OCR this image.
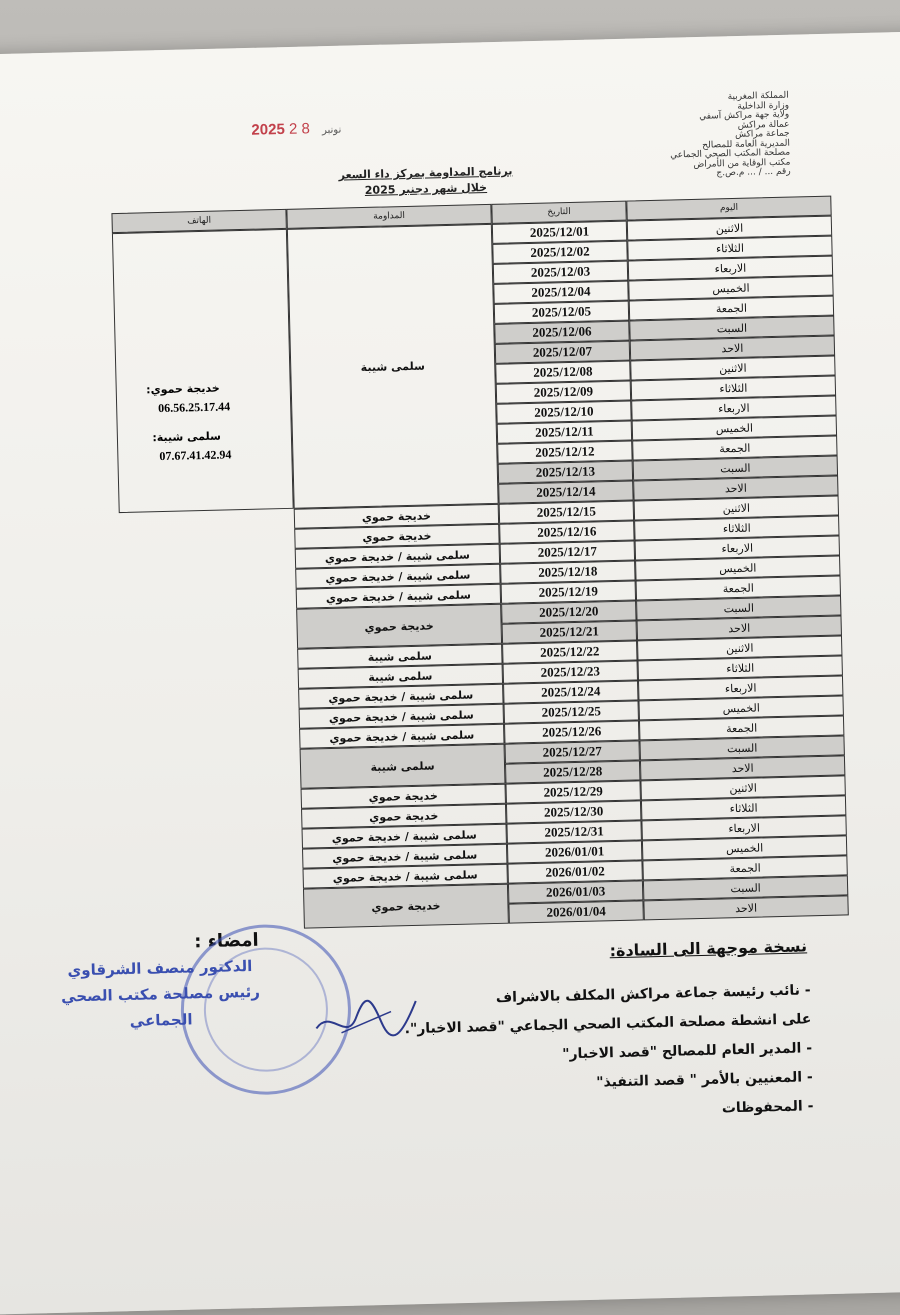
المملكة المغربية
وزارة الداخلية
ولاية جهة مراكش آسفي
عمالة مراكش
جماعة مراكش
المديرية العامة للمصالح
مصلحة المكتب الصحي الجماعي
مكتب الوقاية من الأمراض
رقم ... / ... م.ص.ج
2025	نونبر 8 2
برنامج المداومة بمركز داء السعر
خلال شهر دجنبر 2025
اليوم
التاريخ
المداومة
الهاتف
الاثنين
2025/12/01
الثلاثاء
2025/12/02
الاربعاء
2025/12/03
الخميس
2025/12/04
الجمعة
2025/12/05
السبت
2025/12/06
الاحد
2025/12/07
الاثنين
2025/12/08
الثلاثاء
2025/12/09
الاربعاء
2025/12/10
الخميس
2025/12/11
الجمعة
2025/12/12
السبت
2025/12/13
الاحد
2025/12/14
الاثنين
2025/12/15
الثلاثاء
2025/12/16
الاربعاء
2025/12/17
الخميس
2025/12/18
الجمعة
2025/12/19
السبت
2025/12/20
الاحد
2025/12/21
الاثنين
2025/12/22
الثلاثاء
2025/12/23
الاربعاء
2025/12/24
الخميس
2025/12/25
الجمعة
2025/12/26
السبت
2025/12/27
الاحد
2025/12/28
الاثنين
2025/12/29
الثلاثاء
2025/12/30
الاربعاء
2025/12/31
الخميس
2026/01/01
الجمعة
2026/01/02
السبت
2026/01/03
الاحد
2026/01/04
سلمى شيبة
خديجة حموي:
06.56.25.17.44
سلمى شيبة:
07.67.41.42.94
خديجة حموي
خديجة حموي
سلمى شيبة / خديجة حموي
سلمى شيبة / خديجة حموي
سلمى شيبة / خديجة حموي
سلمى شيبة
سلمى شيبة
سلمى شيبة / خديجة حموي
سلمى شيبة / خديجة حموي
سلمى شيبة / خديجة حموي
خديجة حموي
خديجة حموي
سلمى شيبة / خديجة حموي
سلمى شيبة / خديجة حموي
سلمى شيبة / خديجة حموي
خديجة حموي
سلمى شيبة
خديجة حموي
امضاء :
الدكتور منصف الشرقاوي
رئيس مصلحة مكتب الصحي
الجماعي
نسخة موجهة الى السادة:
- نائب رئيسة جماعة مراكش المكلف بالاشراف
على انشطة مصلحة المكتب الصحي الجماعي "قصد الاخبار".
- المدير العام للمصالح "قصد الاخبار"
- المعنيين بالأمر " قصد التنفيذ"
- المحفوظات
